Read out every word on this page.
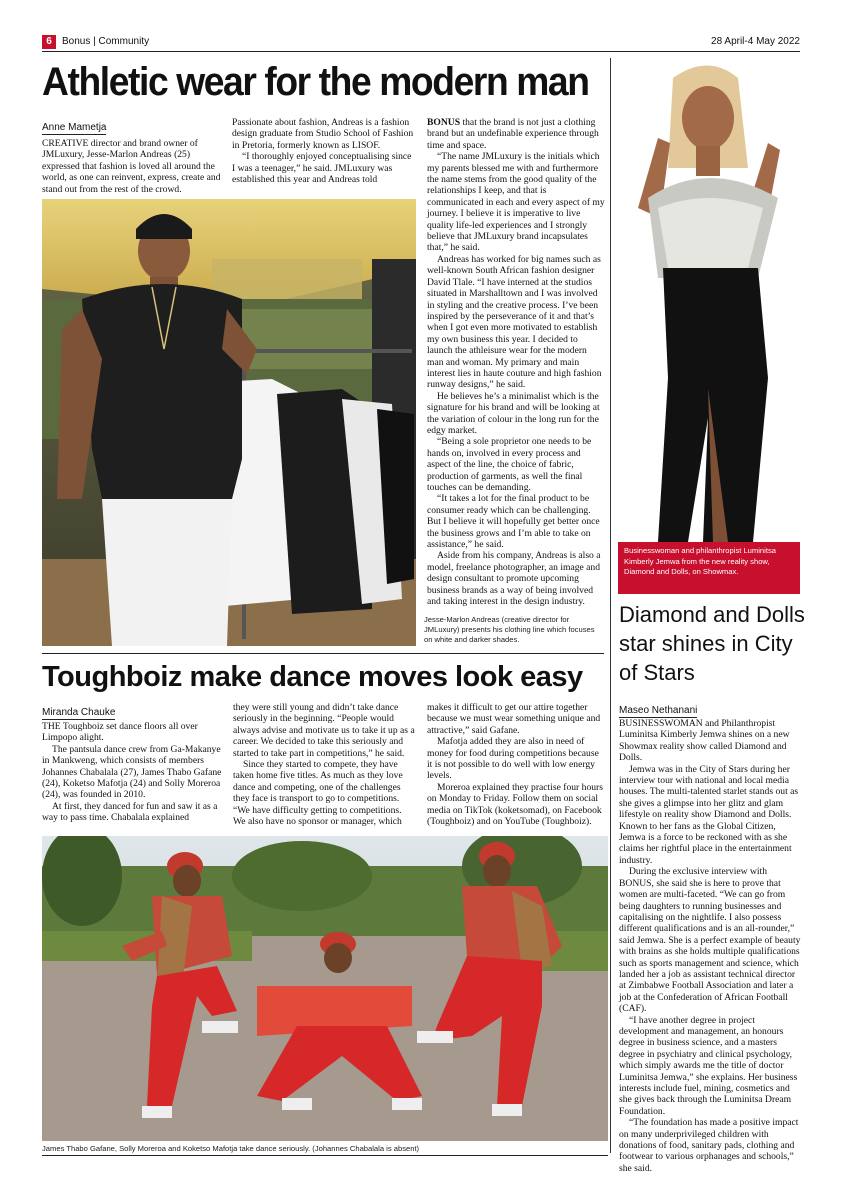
6	Bonus | Community	28 April-4 May 2022
Athletic wear for the modern man
Anne Mametja

CREATIVE director and brand owner of JMLuxury, Jesse-Marlon Andreas (25) expressed that fashion is loved all around the world, as one can reinvent, express, create and stand out from the rest of the crowd.

Passionate about fashion, Andreas is a fashion design graduate from Studio School of Fashion in Pretoria, formerly known as LISOF.

“I thoroughly enjoyed conceptualising since I was a teenager,” he said. JMLuxury was established this year and Andreas told

BONUS that the brand is not just a clothing brand but an undefinable experience through time and space.

“The name JMLuxury is the initials which my parents blessed me with and furthermore the name stems from the good quality of the relationships I keep, and that is communicated in each and every aspect of my journey. I believe it is imperative to live quality life-led experiences and I strongly believe that JMLuxury brand incapsulates that,” he said.

Andreas has worked for big names such as well-known South African fashion designer David Tlale. “I have interned at the studios situated in Marshalltown and I was involved in styling and the creative process. I’ve been inspired by the perseverance of it and that’s when I got even more motivated to establish my own business this year. I decided to launch the athleisure wear for the modern man and woman. My primary and main interest lies in haute couture and high fashion runway designs,” he said.

He believes he’s a minimalist which is the signature for his brand and will be looking at the variation of colour in the long run for the edgy market.

“Being a sole proprietor one needs to be hands on, involved in every process and aspect of the line, the choice of fabric, production of garments, as well the final touches can be demanding.

“It takes a lot for the final product to be consumer ready which can be challenging. But I believe it will hopefully get better once the business grows and I’m able to take on assistance,” he said.

Aside from his company, Andreas is also a model, freelance photographer, an image and design consultant to promote upcoming business brands as a way of being involved and taking interest in the design industry.

Jesse-Marlon Andreas (creative director for JMLuxury) presents his clothing line which focuses on white and darker shades.
Businesswoman and philanthropist Luminitsa Kimberly Jemwa from the new reality show, Diamond and Dolls, on Showmax.
Diamond and Dolls star shines in City of Stars
Maseo Nethanani

BUSINESSWOMAN and Philanthropist Luminitsa Kimberly Jemwa shines on a new Showmax reality show called Diamond and Dolls.

Jemwa was in the City of Stars during her interview tour with national and local media houses. The multi-talented starlet stands out as she gives a glimpse into her glitz and glam lifestyle on reality show Diamond and Dolls. Known to her fans as the Global Citizen, Jemwa is a force to be reckoned with as she claims her rightful place in the entertainment industry.

During the exclusive interview with BONUS, she said she is here to prove that women are multi-faceted. “We can go from being daughters to running businesses and capitalising on the nightlife. I also possess different qualifications and is an all-rounder,” said Jemwa. She is a perfect example of beauty with brains as she holds multiple qualifications such as sports management and science, which landed her a job as assistant technical director at Zimbabwe Football Association and later a job at the Confederation of African Football (CAF).

“I have another degree in project development and management, an honours degree in business science, and a masters degree in psychiatry and clinical psychology, which simply awards me the title of doctor Luminitsa Jemwa,” she explains. Her business interests include fuel, mining, cosmetics and she gives back through the Luminitsa Dream Foundation.

“The foundation has made a positive impact on many underprivileged children with donations of food, sanitary pads, clothing and footwear to various orphanages and schools,” she said.

Toughboiz make dance moves look easy
Miranda Chauke

THE Toughboiz set dance floors all over Limpopo alight.

The pantsula dance crew from Ga-Makanye in Mankweng, which consists of members Johannes Chabalala (27), James Thabo Gafane (24), Koketso Mafotja (24) and Solly Moreroa (24), was founded in 2010.

At first, they danced for fun and saw it as a way to pass time. Chabalala explained

they were still young and didn’t take dance seriously in the beginning. “People would always advise and motivate us to take it up as a career. We decided to take this seriously and started to take part in competitions,” he said.

Since they started to compete, they have taken home five titles. As much as they love dance and competing, one of the challenges they face is transport to go to competitions. “We have difficulty getting to competitions. We also have no sponsor or manager, which

makes it difficult to get our attire together because we must wear something unique and attractive,” said Gafane.

Mafotja added they are also in need of money for food during competitions because it is not possible to do well with low energy levels.

Moreroa explained they practise four hours on Monday to Friday. Follow them on social media on TikTok (koketsomad), on Facebook (Toughboiz) and on YouTube (Toughboiz).

James Thabo Gafane, Solly Moreroa and Koketso Mafotja take dance seriously. (Johannes Chabalala is absent)
